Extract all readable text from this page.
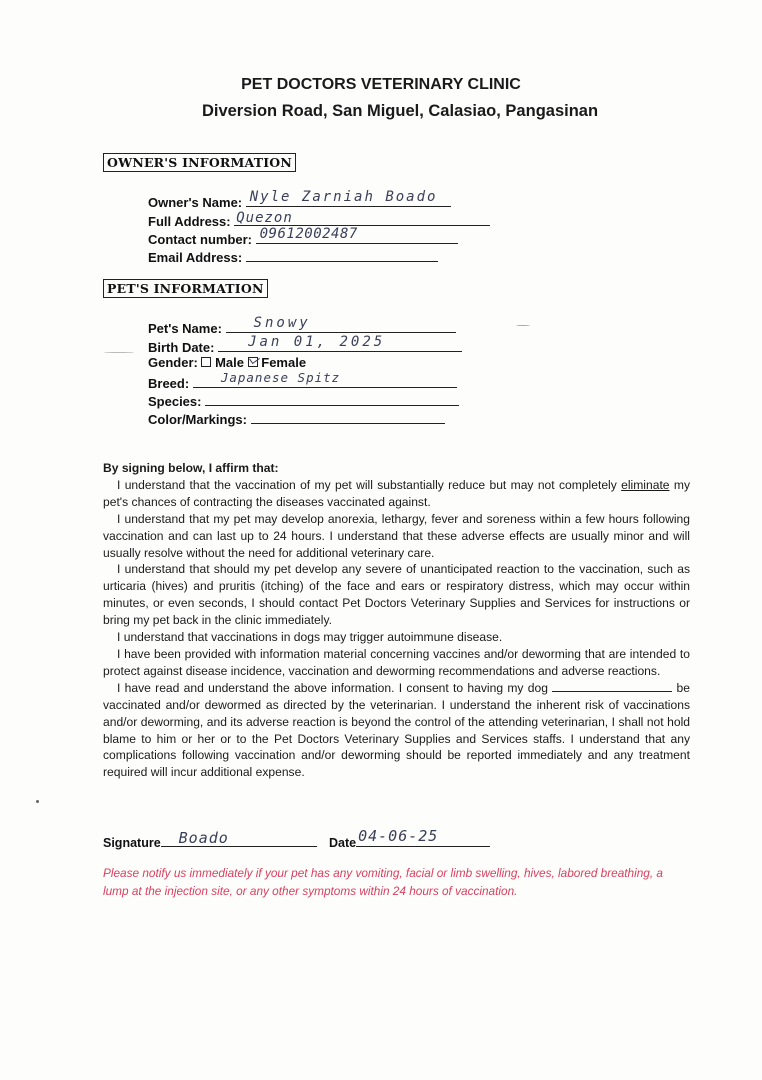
PET DOCTORS VETERINARY CLINIC
Diversion Road, San Miguel, Calasiao, Pangasinan
OWNER'S INFORMATION
Owner's Name: Nyle Zarniah Boado
Full Address: Quezon
Contact number: 09612002487
Email Address:
PET'S INFORMATION
Pet's Name: Snowy
Birth Date: Jan 01, 2025
Gender: Male Female
Breed:	Japanese Spitz
Species:
Color/Markings:

By signing below, I affirm that:

I understand that the vaccination of my pet will substantially reduce but may not completely eliminate my pet's chances of contracting the diseases vaccinated against.

I understand that my pet may develop anorexia, lethargy, fever and soreness within a few hours following vaccination and can last up to 24 hours. I understand that these adverse effects are usually minor and will usually resolve without the need for additional veterinary care.

I understand that should my pet develop any severe of unanticipated reaction to the vaccination, such as urticaria (hives) and pruritis (itching) of the face and ears or respiratory distress, which may occur within minutes, or even seconds, I should contact Pet Doctors Veterinary Supplies and Services for instructions or bring my pet back in the clinic immediately.

I understand that vaccinations in dogs may trigger autoimmune disease.

I have been provided with information material concerning vaccines and/or deworming that are intended to protect against disease incidence, vaccination and deworming recommendations and adverse reactions.

I have read and understand the above information. I consent to having my dog	be vaccinated and/or dewormed as directed by the veterinarian. I understand the inherent risk of vaccinations and/or deworming, and its adverse reaction is beyond the control of the attending veterinarian, I shall not hold blame to him or her or to the Pet Doctors Veterinary Supplies and Services staffs. I understand that any complications following vaccination and/or deworming should be reported immediately and any treatment required will incur additional expense.

Signature Boado	Date 04-06-25
Please notify us immediately if your pet has any vomiting, facial or limb swelling, hives, labored breathing, a lump at the injection site, or any other symptoms within 24 hours of vaccination.
